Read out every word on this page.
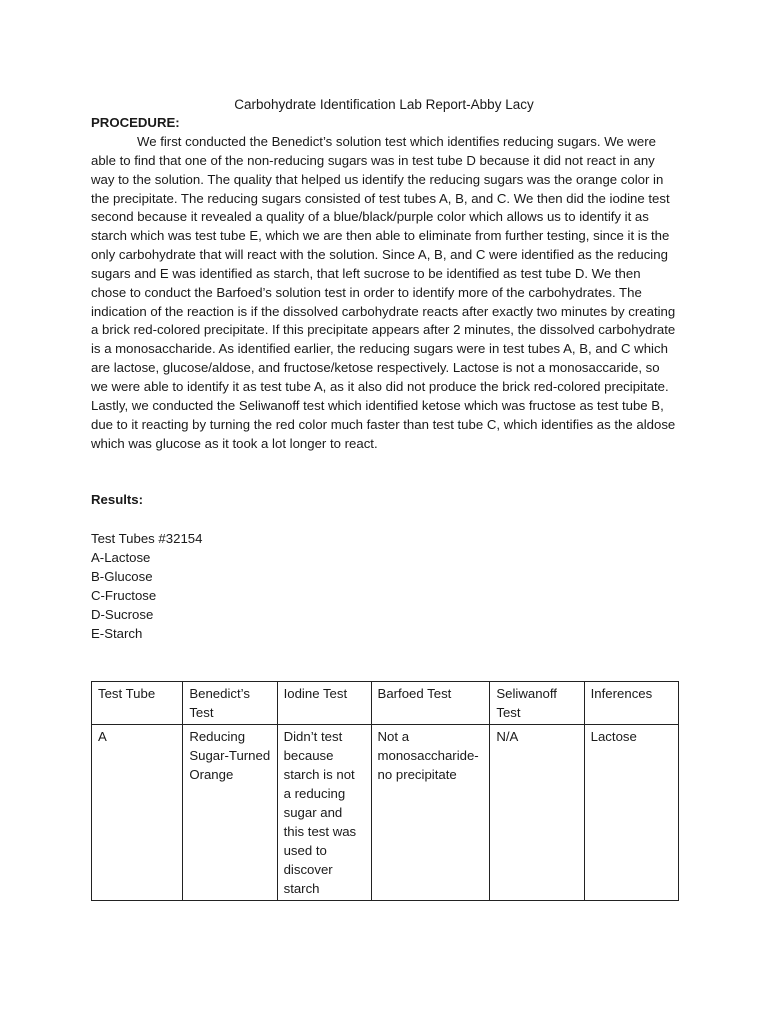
Carbohydrate Identification Lab Report-Abby Lacy
PROCEDURE:
We first conducted the Benedict’s solution test which identifies reducing sugars. We were able to find that one of the non-reducing sugars was in test tube D because it did not react in any way to the solution. The quality that helped us identify the reducing sugars was the orange color in the precipitate. The reducing sugars consisted of test tubes A, B, and C. We then did the iodine test second because it revealed a quality of a blue/black/purple color which allows us to identify it as starch which was test tube E, which we are then able to eliminate from further testing, since it is the only carbohydrate that will react with the solution. Since A, B, and C were identified as the reducing sugars and E was identified as starch, that left sucrose to be identified as test tube D. We then chose to conduct the Barfoed’s solution test in order to identify more of the carbohydrates. The indication of the reaction is if the dissolved carbohydrate reacts after exactly two minutes by creating a brick red-colored precipitate. If this precipitate appears after 2 minutes, the dissolved carbohydrate is a monosaccharide. As identified earlier, the reducing sugars were in test tubes A, B, and C which are lactose, glucose/aldose, and fructose/ketose respectively. Lactose is not a monosaccaride, so we were able to identify it as test tube A, as it also did not produce the brick red-colored precipitate. Lastly, we conducted the Seliwanoff test which identified ketose which was fructose as test tube B, due to it reacting by turning the red color much faster than test tube C, which identifies as the aldose which was glucose as it took a lot longer to react.
Results:
Test Tubes #32154
A-Lactose
B-Glucose
C-Fructose
D-Sucrose
E-Starch
Test Tube	Benedict’s Test	Iodine Test	Barfoed Test	Seliwanoff Test	Inferences
A	Reducing Sugar-Turned Orange	Didn’t test because starch is not a reducing sugar and this test was used to discover starch	Not a monosaccharide-no precipitate	N/A	Lactose
